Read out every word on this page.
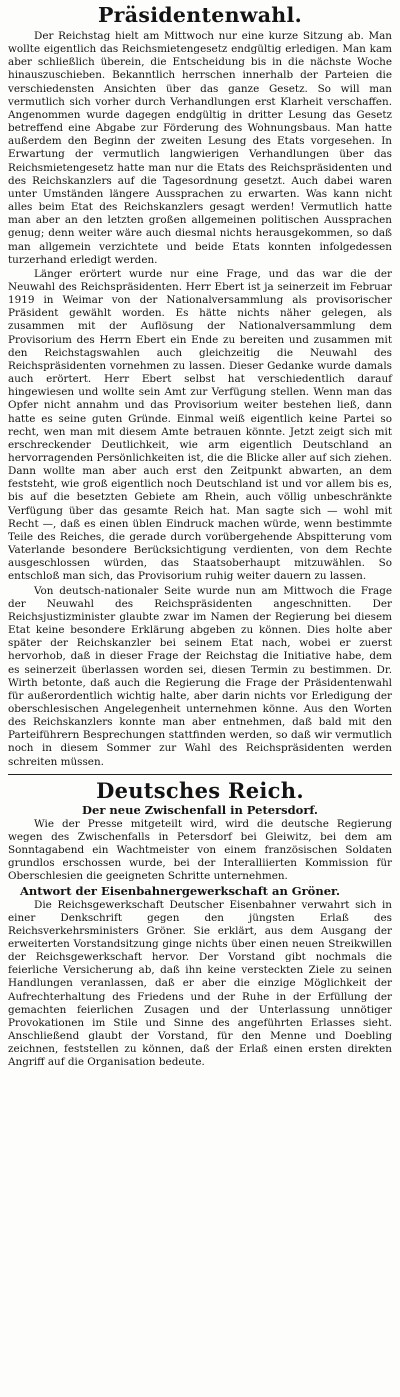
Präsidentenwahl.

Der Reichstag hielt am Mittwoch nur eine kurze Sitzung ab. Man wollte eigentlich das Reichsmietengesetz endgültig erledigen. Man kam aber schließlich überein, die Entscheidung bis in die nächste Woche hinauszuschieben. Bekanntlich herrschen innerhalb der Parteien die verschiedensten Ansichten über das ganze Gesetz. So will man vermutlich sich vorher durch Verhandlungen erst Klarheit verschaffen. Angenommen wurde dagegen endgültig in dritter Lesung das Gesetz betreffend eine Abgabe zur Förderung des Wohnungsbaus. Man hatte außerdem den Beginn der zweiten Lesung des Etats vorgesehen. In Erwartung der vermutlich langwierigen Verhandlungen über das Reichsmietengesetz hatte man nur die Etats des Reichspräsidenten und des Reichskanzlers auf die Tagesordnung gesetzt. Auch dabei waren unter Umständen längere Aussprachen zu erwarten. Was kann nicht alles beim Etat des Reichskanzlers gesagt werden! Vermutlich hatte man aber an den letzten großen allgemeinen politischen Aussprachen genug; denn weiter wäre auch diesmal nichts herausgekommen, so daß man allgemein verzichtete und beide Etats konnten infolgedessen turzerhand erledigt werden.

Länger erörtert wurde nur eine Frage, und das war die der Neuwahl des Reichspräsidenten. Herr Ebert ist ja seinerzeit im Februar 1919 in Weimar von der Nationalversammlung als provisorischer Präsident gewählt worden. Es hätte nichts näher gelegen, als zusammen mit der Auflösung der Nationalversammlung dem Provisorium des Herrn Ebert ein Ende zu bereiten und zusammen mit den Reichstagswahlen auch gleichzeitig die Neuwahl des Reichspräsidenten vornehmen zu lassen. Dieser Gedanke wurde damals auch erörtert. Herr Ebert selbst hat verschiedentlich darauf hingewiesen und wollte sein Amt zur Verfügung stellen. Wenn man das Opfer nicht annahm und das Provisorium weiter bestehen ließ, dann hatte es seine guten Gründe. Einmal weiß eigentlich keine Partei so recht, wen man mit diesem Amte betrauen könnte. Jetzt zeigt sich mit erschreckender Deutlichkeit, wie arm eigentlich Deutschland an hervorragenden Persönlichkeiten ist, die die Blicke aller auf sich ziehen. Dann wollte man aber auch erst den Zeitpunkt abwarten, an dem feststeht, wie groß eigentlich noch Deutschland ist und vor allem bis es, bis auf die besetzten Gebiete am Rhein, auch völlig unbeschränkte Verfügung über das gesamte Reich hat. Man sagte sich — wohl mit Recht —, daß es einen üblen Eindruck machen würde, wenn bestimmte Teile des Reiches, die gerade durch vorübergehende Abspitterung vom Vaterlande besondere Berücksichtigung verdienten, von dem Rechte ausgeschlossen würden, das Staatsoberhaupt mitzuwählen. So entschloß man sich, das Provisorium ruhig weiter dauern zu lassen.

Von deutsch-nationaler Seite wurde nun am Mittwoch die Frage der Neuwahl des Reichspräsidenten angeschnitten. Der Reichsjustizminister glaubte zwar im Namen der Regierung bei diesem Etat keine besondere Erklärung abgeben zu können. Dies holte aber später der Reichskanzler bei seinem Etat nach, wobei er zuerst hervorhob, daß in dieser Frage der Reichstag die Initiative habe, dem es seinerzeit überlassen worden sei, diesen Termin zu bestimmen. Dr. Wirth betonte, daß auch die Regierung die Frage der Präsidentenwahl für außerordentlich wichtig halte, aber darin nichts vor Erledigung der oberschlesischen Angelegenheit unternehmen könne. Aus den Worten des Reichskanzlers konnte man aber entnehmen, daß bald mit den Parteiführern Besprechungen stattfinden werden, so daß wir vermutlich noch in diesem Sommer zur Wahl des Reichspräsidenten werden schreiten müssen.

Deutsches Reich.
Der neue Zwischenfall in Petersdorf.

Wie der Presse mitgeteilt wird, wird die deutsche Regierung wegen des Zwischenfalls in Petersdorf bei Gleiwitz, bei dem am Sonntagabend ein Wachtmeister von einem französischen Soldaten grundlos erschossen wurde, bei der Interalliierten Kommission für Oberschlesien die geeigneten Schritte unternehmen.

Antwort der Eisenbahnergewerkschaft an Gröner.

Die Reichsgewerkschaft Deutscher Eisenbahner verwahrt sich in einer Denkschrift gegen den jüngsten Erlaß des Reichsverkehrsministers Gröner. Sie erklärt, aus dem Ausgang der erweiterten Vorstandsitzung ginge nichts über einen neuen Streikwillen der Reichsgewerkschaft hervor. Der Vorstand gibt nochmals die feierliche Versicherung ab, daß ihn keine versteckten Ziele zu seinen Handlungen veranlassen, daß er aber die einzige Möglichkeit der Aufrechterhaltung des Friedens und der Ruhe in der Erfüllung der gemachten feierlichen Zusagen und der Unterlassung unnötiger Provokationen im Stile und Sinne des angeführten Erlasses sieht. Anschließend glaubt der Vorstand, für den Menne und Doebling zeichnen, feststellen zu können, daß der Erlaß einen ersten direkten Angriff auf die Organisation bedeute.
